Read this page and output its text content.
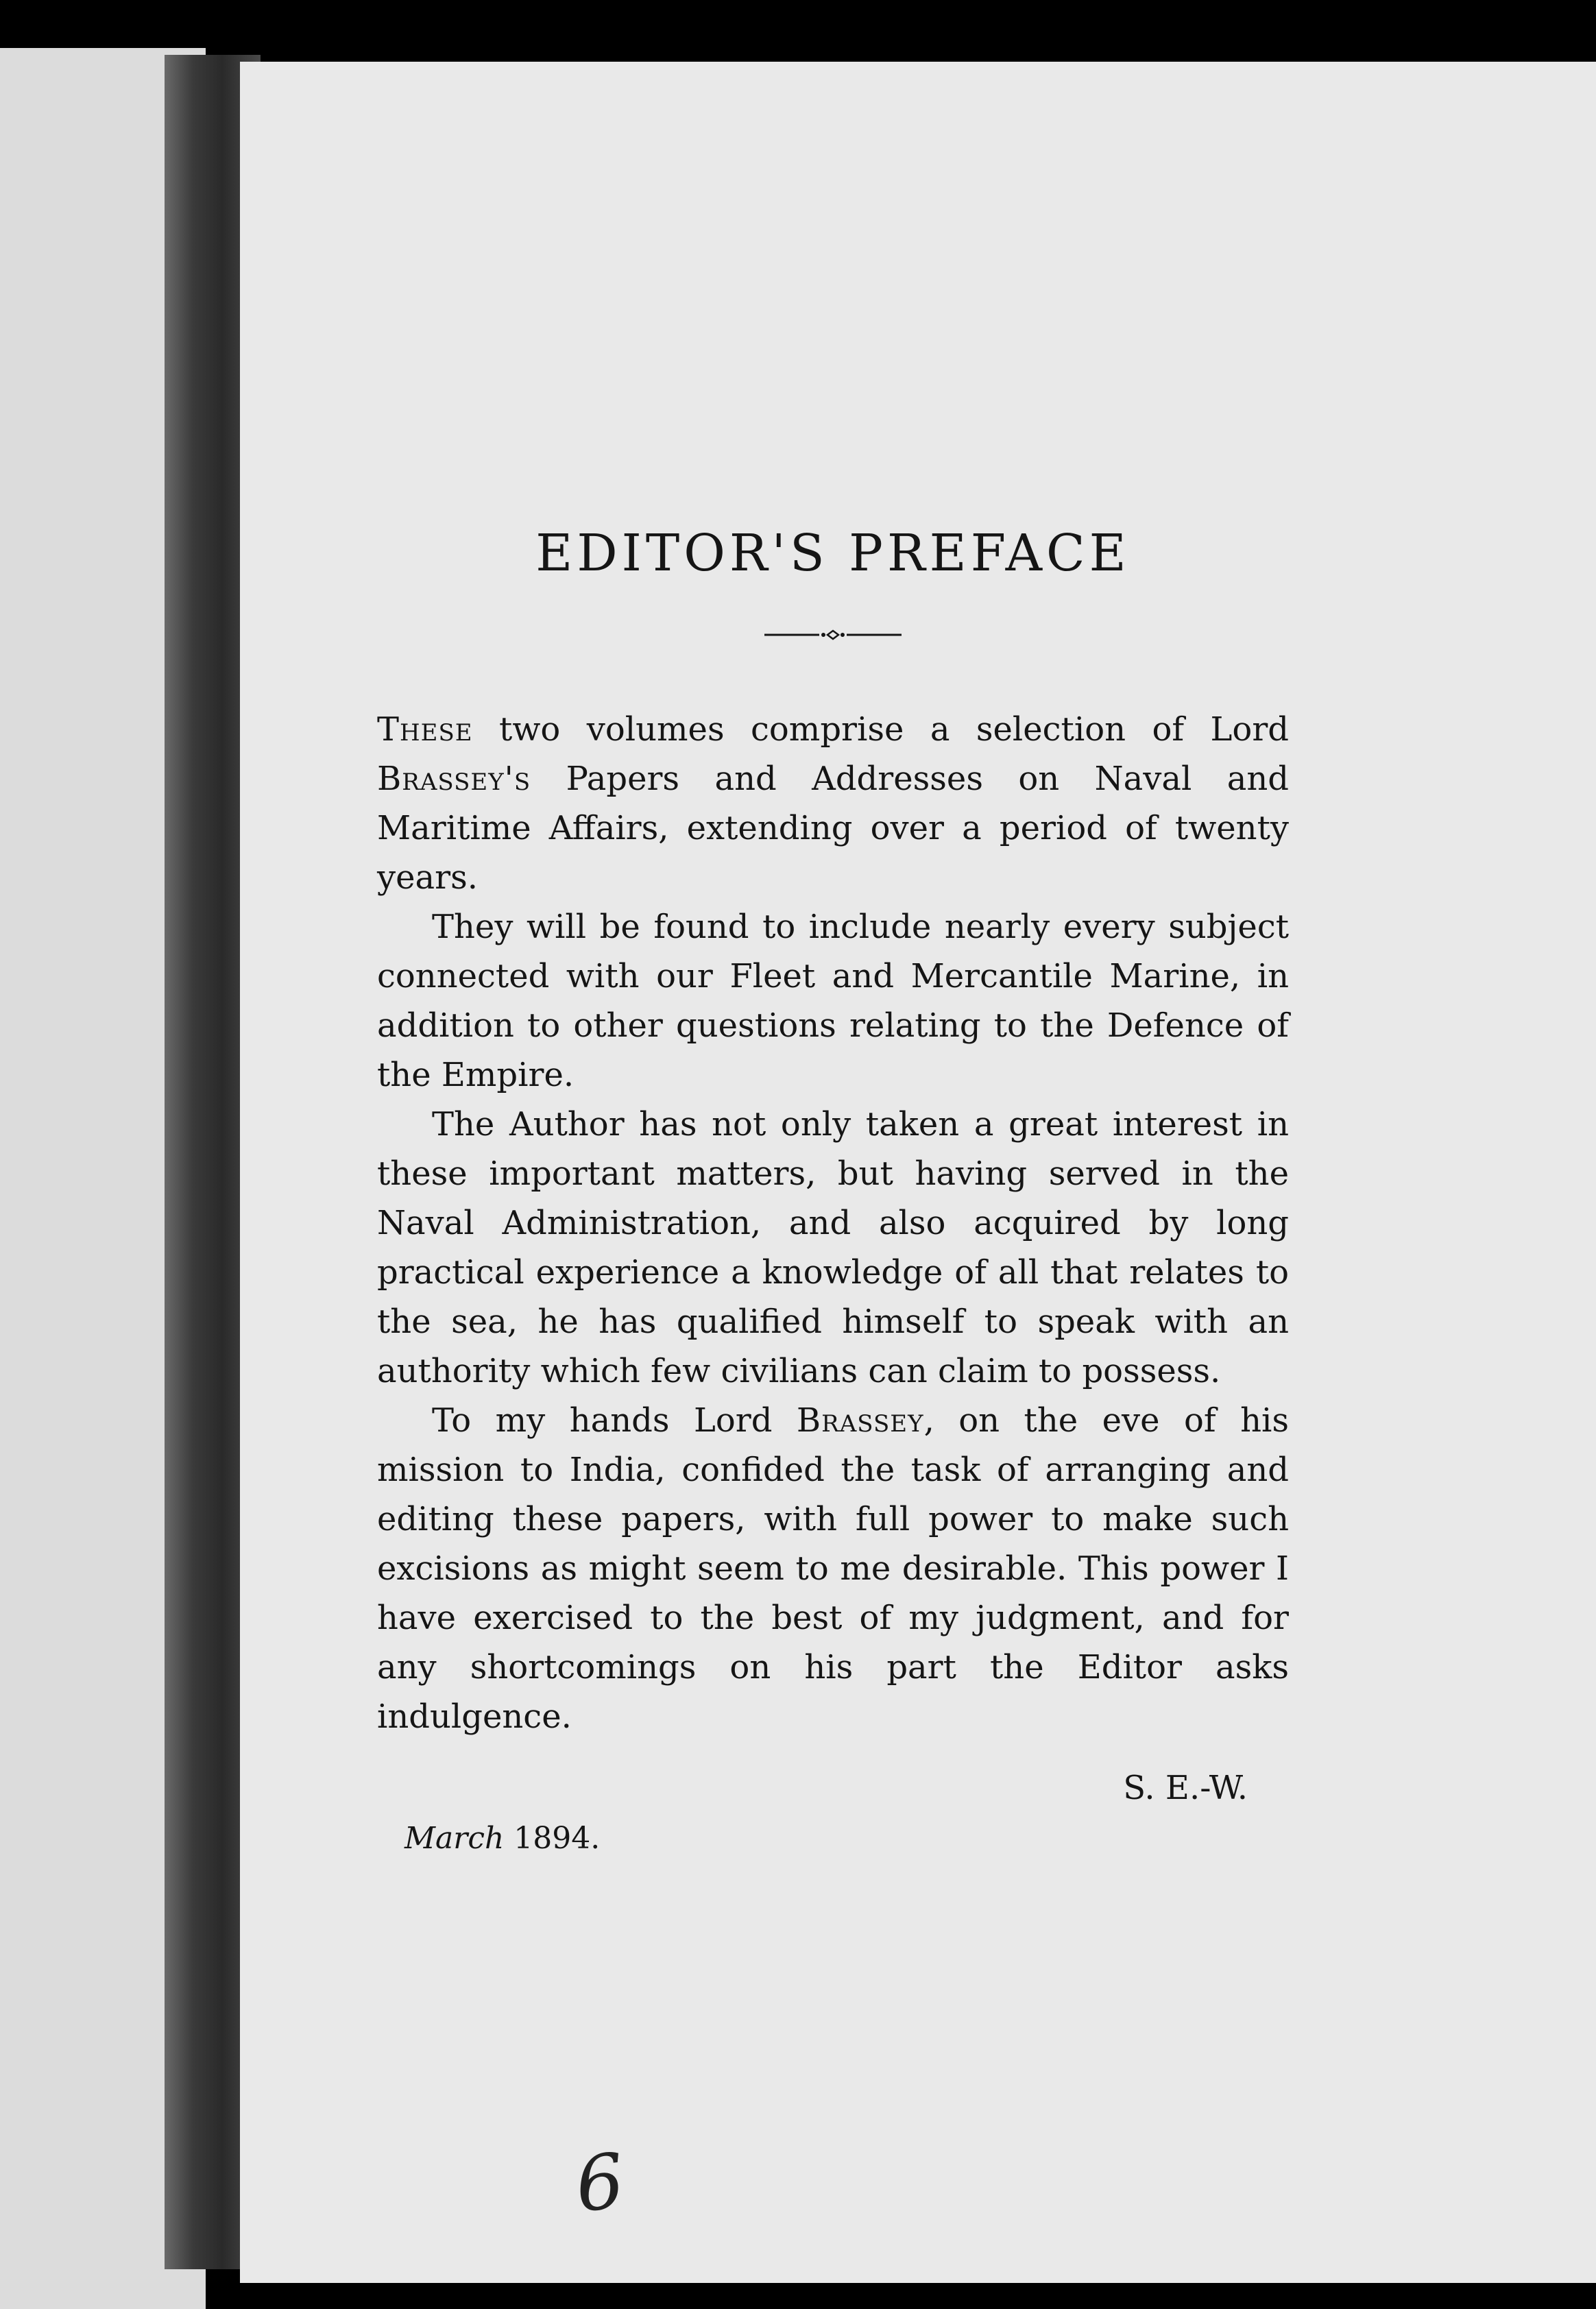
EDITOR'S PREFACE

These two volumes comprise a selection of Lord Brassey's Papers and Addresses on Naval and Maritime Affairs, extending over a period of twenty years.

They will be found to include nearly every subject connected with our Fleet and Mercantile Marine, in addition to other questions relating to the Defence of the Empire.

The Author has not only taken a great interest in these important matters, but having served in the Naval Administration, and also acquired by long practical experience a knowledge of all that relates to the sea, he has qualified himself to speak with an authority which few civilians can claim to possess.

To my hands Lord Brassey, on the eve of his mission to India, confided the task of arranging and editing these papers, with full power to make such excisions as might seem to me desirable. This power I have exercised to the best of my judgment, and for any shortcomings on his part the Editor asks indulgence.

S. E.-W.
March 1894.
6
